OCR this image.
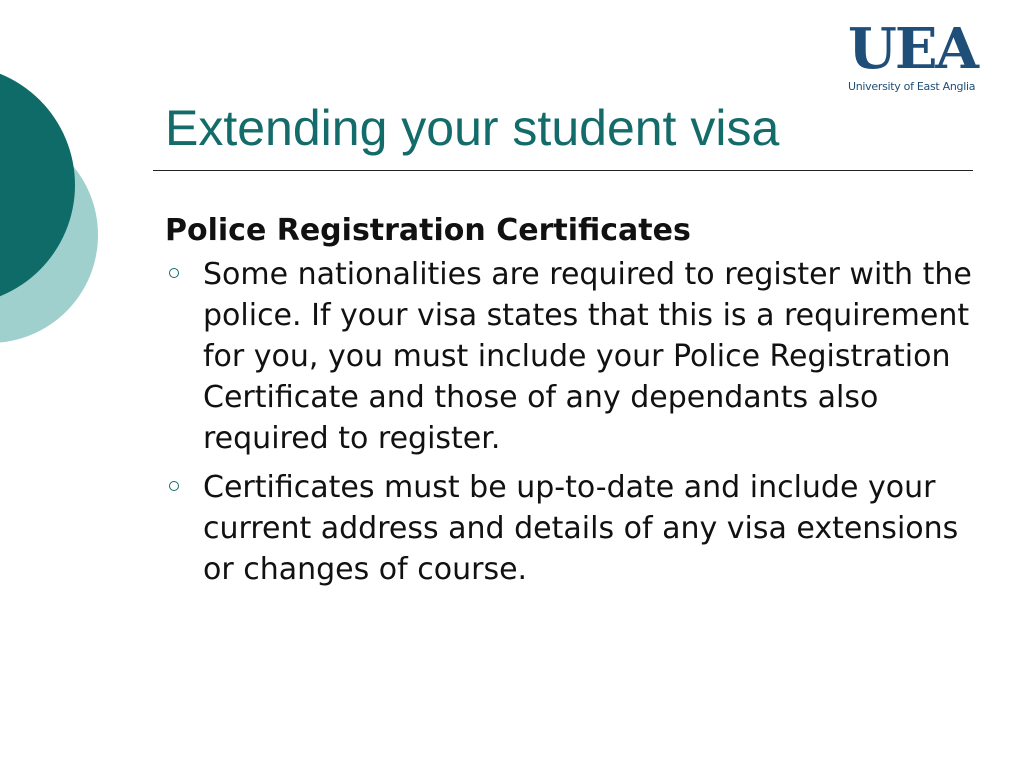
UEA
University of East Anglia
Extending your student visa
Police Registration Certificates
Some nationalities are required to register with the police. If your visa states that this is a requirement for you, you must include your Police Registration Certificate and those of any dependants also required to register.
Certificates must be up-to-date and include your current address and details of any visa extensions or changes of course.
